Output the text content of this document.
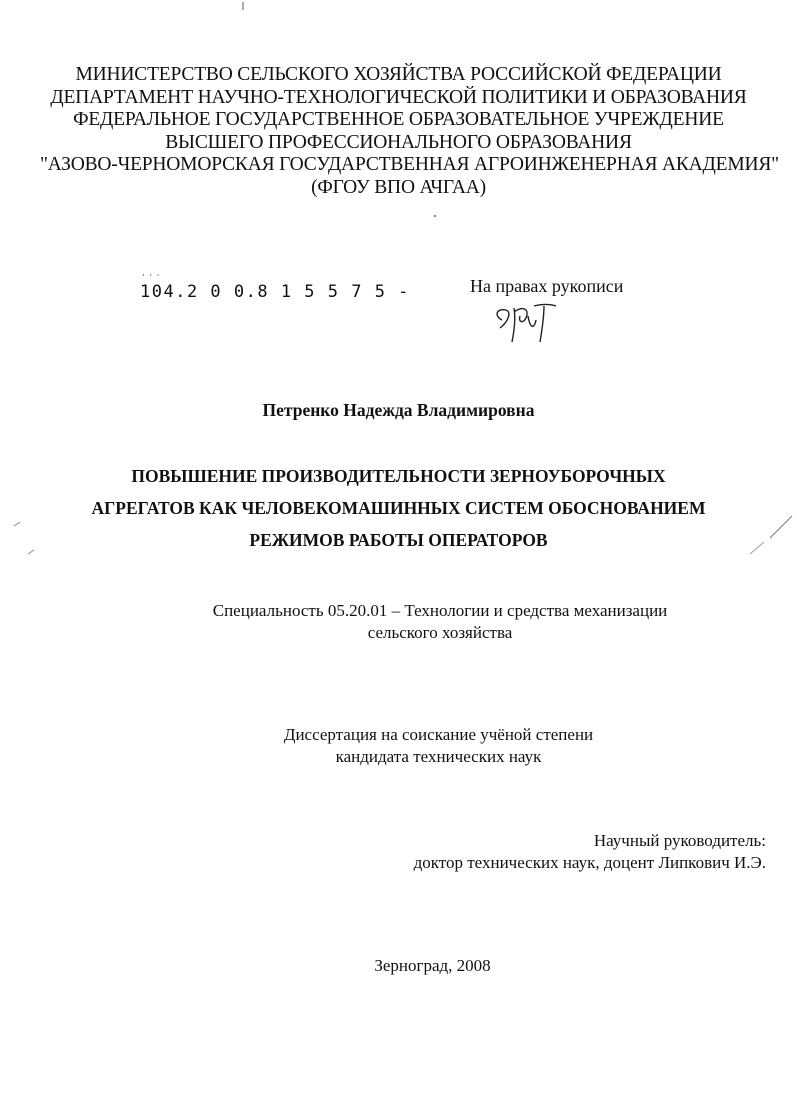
МИНИСТЕРСТВО СЕЛЬСКОГО ХОЗЯЙСТВА РОССИЙСКОЙ ФЕДЕРАЦИИ
ДЕПАРТАМЕНТ НАУЧНО-ТЕХНОЛОГИЧЕСКОЙ ПОЛИТИКИ И ОБРАЗОВАНИЯ
ФЕДЕРАЛЬНОЕ ГОСУДАРСТВЕННОЕ ОБРАЗОВАТЕЛЬНОЕ УЧРЕЖДЕНИЕ
ВЫСШЕГО ПРОФЕССИОНАЛЬНОГО ОБРАЗОВАНИЯ
"АЗОВО-ЧЕРНОМОРСКАЯ ГОСУДАРСТВЕННАЯ АГРОИНЖЕНЕРНАЯ АКАДЕМИЯ"
(ФГОУ ВПО АЧГАА)
· · ·
104.2 0 0.8 1 5 5 7 5 -	На правах рукописи
Петренко Надежда Владимировна
ПОВЫШЕНИЕ ПРОИЗВОДИТЕЛЬНОСТИ ЗЕРНОУБОРОЧНЫХ
АГРЕГАТОВ КАК ЧЕЛОВЕКОМАШИННЫХ СИСТЕМ ОБОСНОВАНИЕМ
РЕЖИМОВ РАБОТЫ ОПЕРАТОРОВ
Специальность 05.20.01 – Технологии и средства механизации
сельского хозяйства
Диссертация на соискание учёной степени
кандидата технических наук
Научный руководитель:
доктор технических наук, доцент Липкович И.Э.
Зерноград, 2008
